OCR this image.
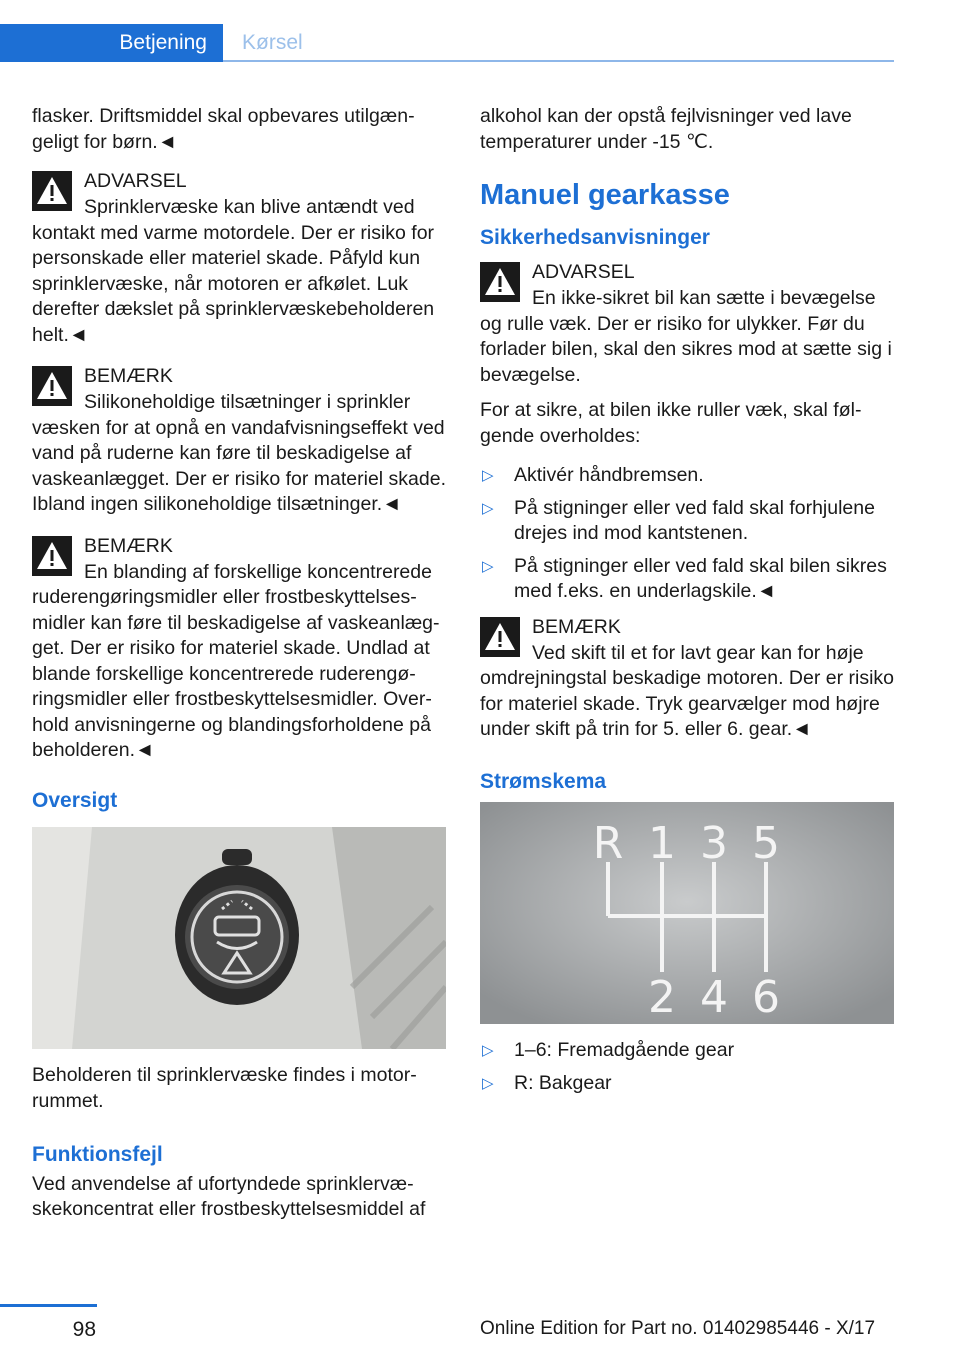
Betjening	Kørsel

flasker. Driftsmiddel skal opbevares utilgængeligt for børn.◄

ADVARSEL
Sprinklervæske kan blive antændt ved
kontakt med varme motordele. Der er risiko for personskade eller materiel skade. Påfyld kun sprinklervæske, når motoren er afkølet. Luk derefter dækslet på sprinklervæskebeholderen helt.◄
BEMÆRK
Silikoneholdige tilsætninger i sprinkler
væsken for at opnå en vandafvisningseffekt ved vand på ruderne kan føre til beskadigelse af vaskeanlægget. Der er risiko for materiel skade. Ibland ingen silikoneholdige tilsætninger.◄
BEMÆRK
En blanding af forskellige koncentrerede
ruderengøringsmidler eller frostbeskyttelsesmidler kan føre til beskadigelse af vaskeanlægget. Der er risiko for materiel skade. Undlad at blande forskellige koncentrerede ruderengøringsmidler eller frostbeskyttelsesmidler. Overhold anvisningerne og blandingsforholdene på beholderen.◄
Oversigt

Beholderen til sprinklervæske findes i motorrummet.

Funktionsfejl

Ved anvendelse af ufortyndede sprinklervæskekoncentrat eller frostbeskyttelsesmiddel af

alkohol kan der opstå fejlvisninger ved lave temperaturer under -15 ℃.

Manuel gearkasse
Sikkerhedsanvisninger
ADVARSEL
En ikke-sikret bil kan sætte i bevægelse
og rulle væk. Der er risiko for ulykker. Før du forlader bilen, skal den sikres mod at sætte sig i bevægelse.

For at sikre, at bilen ikke ruller væk, skal følgende overholdes:

▷ Aktivér håndbremsen.
▷ På stigninger eller ved fald skal forhjulene drejes ind mod kantstenen.
▷ På stigninger eller ved fald skal bilen sikres med f.eks. en underlagskile.◄
BEMÆRK
Ved skift til et for lavt gear kan for høje
omdrejningstal beskadige motoren. Der er risiko for materiel skade. Tryk gearvælger mod højre under skift på trin for 5. eller 6. gear.◄
Strømskema
R 1 3 5
2 4 6
▷ 1–6: Fremadgående gear
▷ R: Bakgear
98	Online Edition for Part no. 01402985446 - X/17
